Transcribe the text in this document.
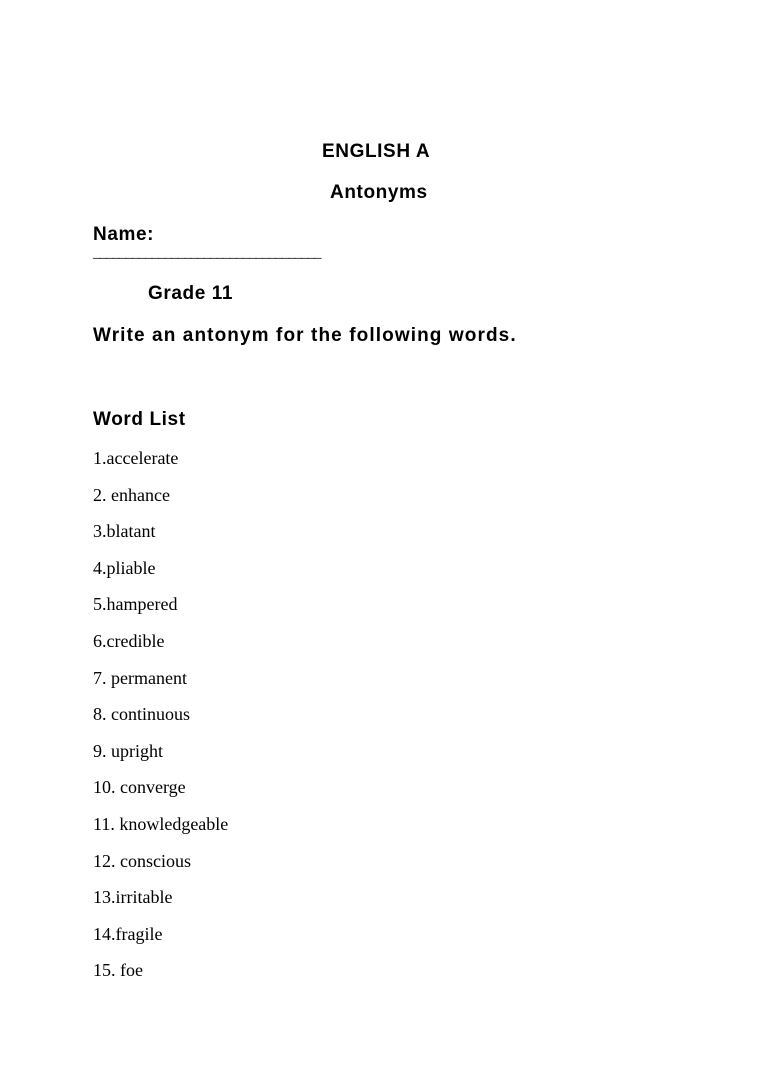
ENGLISH A
Antonyms
Name:
___________________________________
Grade 11
Write an antonym for the following words.
Word List
1.accelerate
2. enhance
3.blatant
4.pliable
5.hampered
6.credible
7. permanent
8. continuous
9. upright
10. converge
11. knowledgeable
12. conscious
13.irritable
14.fragile
15. foe
